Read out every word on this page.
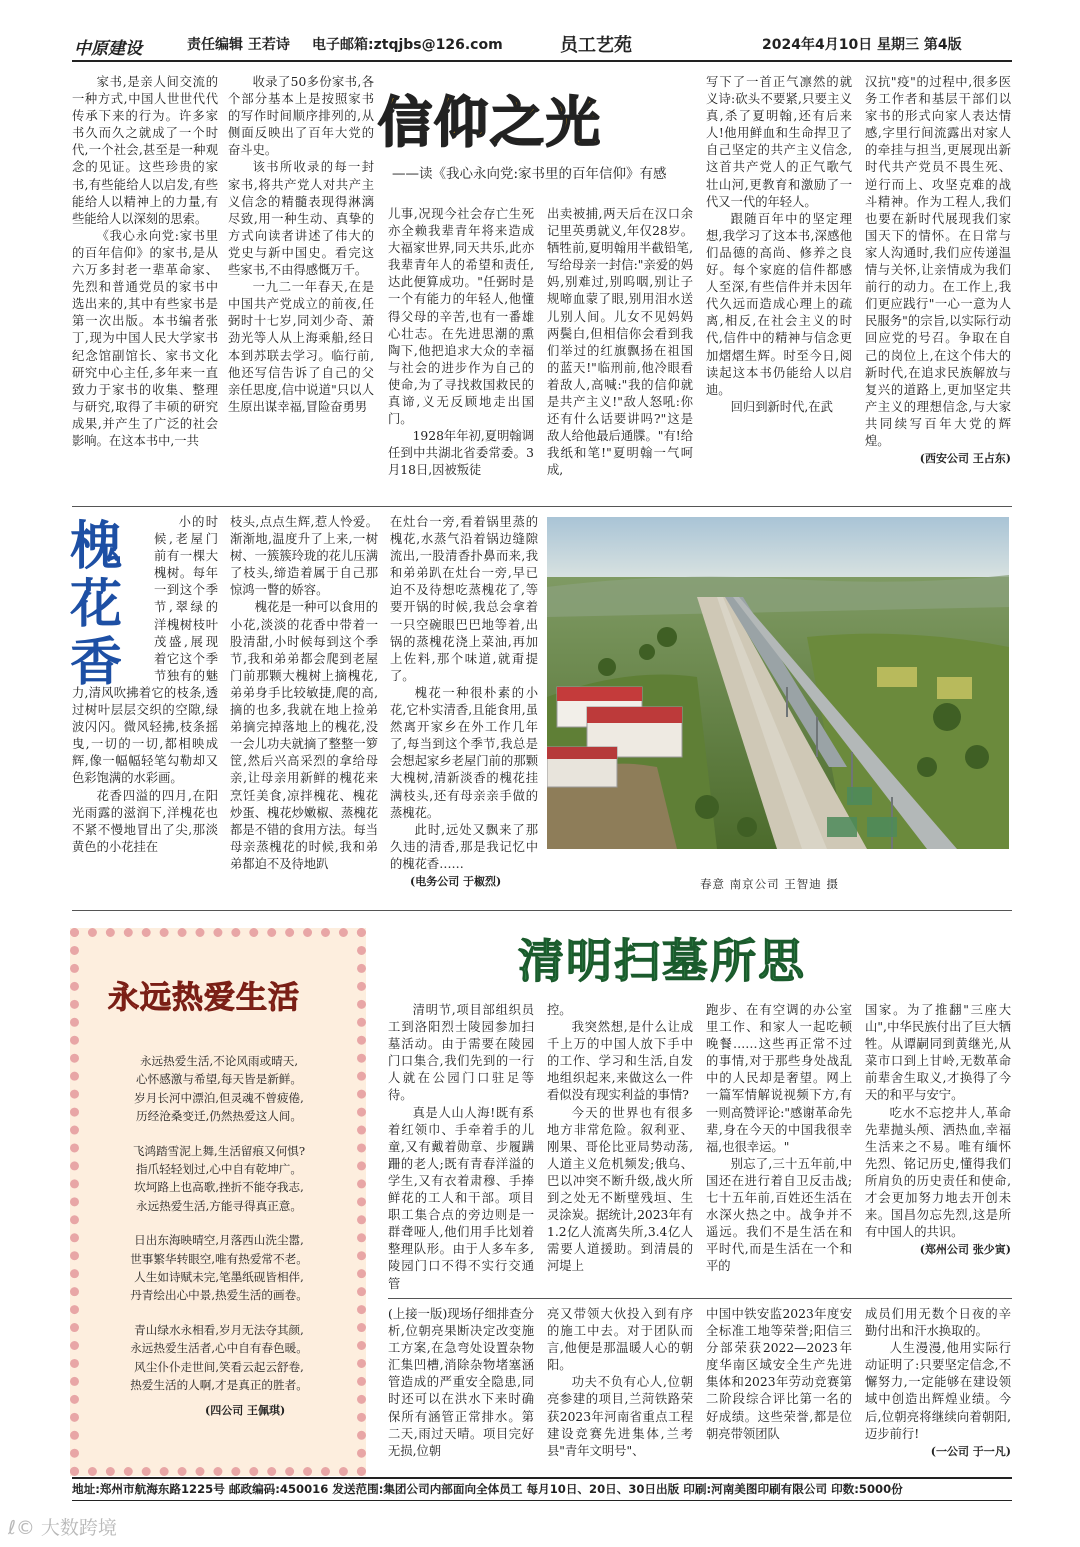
中原建设	责任编辑 王若诗 电子邮箱:ztqjbs@126.com	员工艺苑	2024年4月10日 星期三 第4版
信仰之光
——读《我心永向党:家书里的百年信仰》有感

家书,是亲人间交流的一种方式,中国人世世代代传承下来的行为。许多家书久而久之就成了一个时代,一个社会,甚至是一种观念的见证。这些珍贵的家书,有些能给人以启发,有些能给人以精神上的力量,有些能给人以深刻的思索。

《我心永向党:家书里的百年信仰》的家书,是从六万多封老一辈革命家、先烈和普通党员的家书中选出来的,其中有些家书是第一次出版。本书编者张丁,现为中国人民大学家书纪念馆副馆长、家书文化研究中心主任,多年来一直致力于家书的收集、整理与研究,取得了丰硕的研究成果,并产生了广泛的社会影响。在这本书中,一共

收录了50多份家书,各个部分基本上是按照家书的写作时间顺序排列的,从侧面反映出了百年大党的奋斗史。

该书所收录的每一封家书,将共产党人对共产主义信念的精髓表现得淋漓尽致,用一种生动、真挚的方式向读者讲述了伟大的党史与新中国史。看完这些家书,不由得感慨万千。

一九二一年春天,在是中国共产党成立的前夜,任弼时十七岁,同刘少奇、萧劲光等人从上海乘船,经日本到苏联去学习。临行前,他还写信告诉了自己的父亲任思度,信中说道"只以人生原出谋幸福,冒险奋勇男

儿事,况现今社会存亡生死亦全赖我辈青年将来造成大福家世界,同天共乐,此亦我辈青年人的希望和责任,达此便算成功。"任弼时是一个有能力的年轻人,他懂得父母的辛苦,也有一番雄心壮志。在先进思潮的熏陶下,他把追求大众的幸福与社会的进步作为自己的使命,为了寻找救国救民的真谛,义无反顾地走出国门。

1928年年初,夏明翰调任到中共湖北省委常委。3月18日,因被叛徒

出卖被捕,两天后在汉口余记里英勇就义,年仅28岁。牺牲前,夏明翰用半截铅笔,写给母亲一封信:"亲爱的妈妈,别难过,别呜咽,别让子规啼血蒙了眼,别用泪水送儿别人间。儿女不见妈妈两鬓白,但相信你会看到我们举过的红旗飘扬在祖国的蓝天!"临刑前,他冷眼看着敌人,高喊:"我的信仰就是共产主义!"敌人怒吼:你还有什么话要讲吗?"这是敌人给他最后通牒。"有!给我纸和笔!"夏明翰一气呵成,

写下了一首正气凛然的就义诗:砍头不要紧,只要主义真,杀了夏明翰,还有后来人!他用鲜血和生命捍卫了自己坚定的共产主义信念,这首共产党人的正气歌气壮山河,更教育和激励了一代又一代的年轻人。

跟随百年中的坚定理想,我学习了这本书,深感他们品德的高尚、修养之良好。每个家庭的信件都感人至深,有些信件并未因年代久远而造成心理上的疏离,相反,在社会主义的时代,信件中的精神与信念更加熠熠生辉。时至今日,阅读起这本书仍能给人以启迪。

回归到新时代,在武

汉抗"疫"的过程中,很多医务工作者和基层干部们以家书的形式向家人表达情感,字里行间流露出对家人的牵挂与担当,更展现出新时代共产党员不畏生死、逆行而上、攻坚克难的战斗精神。作为工程人,我们也要在新时代展现我们家国天下的情怀。在日常与家人沟通时,我们应传递温情与关怀,让亲情成为我们前行的动力。在工作上,我们更应践行"一心一意为人民服务"的宗旨,以实际行动回应党的号召。争取在自己的岗位上,在这个伟大的新时代,在追求民族解放与复兴的道路上,更加坚定共产主义的理想信念,与大家共同续写百年大党的辉煌。

(西安公司 王占东)

槐
花
香

小的时候,老屋门前有一棵大槐树。每年一到这个季节,翠绿的洋槐树枝叶茂盛,展现着它这个季节独有的魅力,清风吹拂着它的枝条,透过树叶层层交织的空隙,绿波闪闪。微风轻拂,枝条摇曳,一切的一切,都相映成辉,像一幅幅轻笔勾勒却又色彩饱满的水彩画。

花香四溢的四月,在阳光雨露的滋润下,洋槐花也不紧不慢地冒出了尖,那淡黄色的小花挂在

枝头,点点生辉,惹人怜爱。渐渐地,温度升了上来,一树树、一簇簇玲珑的花儿压满了枝头,缔造着属于自己那惊鸿一瞥的娇容。

槐花是一种可以食用的小花,淡淡的花香中带着一股清甜,小时候每到这个季节,我和弟弟都会爬到老屋门前那颗大槐树上摘槐花,弟弟身手比较敏捷,爬的高,摘的也多,我就在地上捡弟弟摘完掉落地上的槐花,没一会儿功夫就摘了整整一箩筐,然后兴高采烈的拿给母亲,让母亲用新鲜的槐花来烹饪美食,凉拌槐花、槐花炒蛋、槐花炒嫩椒、蒸槐花都是不错的食用方法。每当母亲蒸槐花的时候,我和弟弟都迫不及待地趴

在灶台一旁,看着锅里蒸的槐花,水蒸气沿着锅边缝隙流出,一股清香扑鼻而来,我和弟弟趴在灶台一旁,早已迫不及待想吃蒸槐花了,等要开锅的时候,我总会拿着一只空碗眼巴巴地等着,出锅的蒸槐花浇上菜油,再加上佐料,那个味道,就甭提了。

槐花一种很朴素的小花,它朴实清香,且能食用,虽然离开家乡在外工作几年了,每当到这个季节,我总是会想起家乡老屋门前的那颗大槐树,清新淡香的槐花挂满枝头,还有母亲亲手做的蒸槐花。

此时,远处又飘来了那久违的清香,那是我记忆中的槐花香……

(电务公司 于椒烈)	春意 南京公司 王智迪 摄
永远热爱生活
永远热爱生活,不论风雨或晴天,
心怀感激与希望,每天皆是新鲜。
岁月长河中漂泊,但灵魂不曾疲倦,
历经沧桑变迁,仍然热爱这人间。
飞鸿踏雪泥上舞,生活留痕又何惧?
指爪轻轻划过,心中自有乾坤广。
坎坷路上也高歌,挫折不能夺我志,
永远热爱生活,方能寻得真正意。
日出东海映晴空,月落西山洗尘嚣,
世事繁华转眼空,唯有热爱常不老。
人生如诗赋未完,笔墨纸砚皆相伴,
丹青绘出心中景,热爱生活的画卷。
青山绿水永相看,岁月无法夺其颜,
永远热爱生活者,心中自有春色暖。
风尘仆仆走世间,笑看云起云舒卷,
热爱生活的人啊,才是真正的胜者。
(四公司 王佩琪)
清明扫墓所思

清明节,项目部组织员工到洛阳烈士陵园参加扫墓活动。由于需要在陵园门口集合,我们先到的一行人就在公园门口驻足等待。

真是人山人海!既有系着红领巾、手牵着手的儿童,又有戴着勋章、步履蹒跚的老人;既有青春洋溢的学生,又有衣着肃穆、手捧鲜花的工人和干部。项目职工集合点的旁边则是一群聋哑人,他们用手比划着整理队形。由于人多车多,陵园门口不得不实行交通管

控。

我突然想,是什么让成千上万的中国人放下手中的工作、学习和生活,自发地组织起来,来做这么一件看似没有现实利益的事情?

今天的世界也有很多地方非常危险。叙利亚、刚果、哥伦比亚局势动荡,人道主义危机频发;俄乌、巴以冲突不断升级,战火所到之处无不断壁残垣、生灵涂炭。据统计,2023年有1.2亿人流离失所,3.4亿人需要人道援助。到清晨的河堤上

跑步、在有空调的办公室里工作、和家人一起吃顿晚餐……这些再正常不过的事情,对于那些身处战乱中的人民却是奢望。网上一篇军情解说视频下方,有一则高赞评论:"感谢革命先辈,身在今天的中国我很幸福,也很幸运。"

别忘了,三十五年前,中国还在进行着自卫反击战;七十五年前,百姓还生活在水深火热之中。战争并不遥远。我们不是生活在和平时代,而是生活在一个和平的

国家。为了推翻"三座大山",中华民族付出了巨大牺牲。从谭嗣同到黄继光,从菜市口到上甘岭,无数革命前辈舍生取义,才换得了今天的和平与安宁。

吃水不忘挖井人,革命先辈抛头颅、洒热血,幸福生活来之不易。唯有缅怀先烈、铭记历史,懂得我们所肩负的历史责任和使命,才会更加努力地去开创未来。国昌勿忘先烈,这是所有中国人的共识。

(郑州公司 张少寅)

(上接一版)现场仔细排查分析,位朝亮果断决定改变施工方案,在急弯处设置杂物汇集凹槽,消除杂物堵塞涵管造成的严重安全隐患,同时还可以在洪水下来时确保所有涵管正常排水。第二天,雨过天晴。项目完好无损,位朝

亮又带领大伙投入到有序的施工中去。对于团队而言,他便是那温暖人心的朝阳。

功夫不负有心人,位朝亮参建的项目,兰菏铁路荣获2023年河南省重点工程建设竞赛先进集体,兰考县"青年文明号"、

中国中铁安监2023年度安全标准工地等荣誉;阳信三分部荣获2022—2023年度华南区域安全生产先进集体和2023年劳动竞赛第二阶段综合评比第一名的好成绩。这些荣誉,都是位朝亮带领团队

成员们用无数个日夜的辛勤付出和汗水换取的。

人生漫漫,他用实际行动证明了:只要坚定信念,不懈努力,一定能够在建设领域中创造出辉煌业绩。今后,位朝亮将继续向着朝阳,迈步前行!

(一公司 于一凡)

地址:郑州市航海东路1225号 邮政编码:450016 发送范围:集团公司内部面向全体员工 每月10日、20日、30日出版 印刷:河南美图印刷有限公司 印数:5000份
ℓ© 大数跨境
